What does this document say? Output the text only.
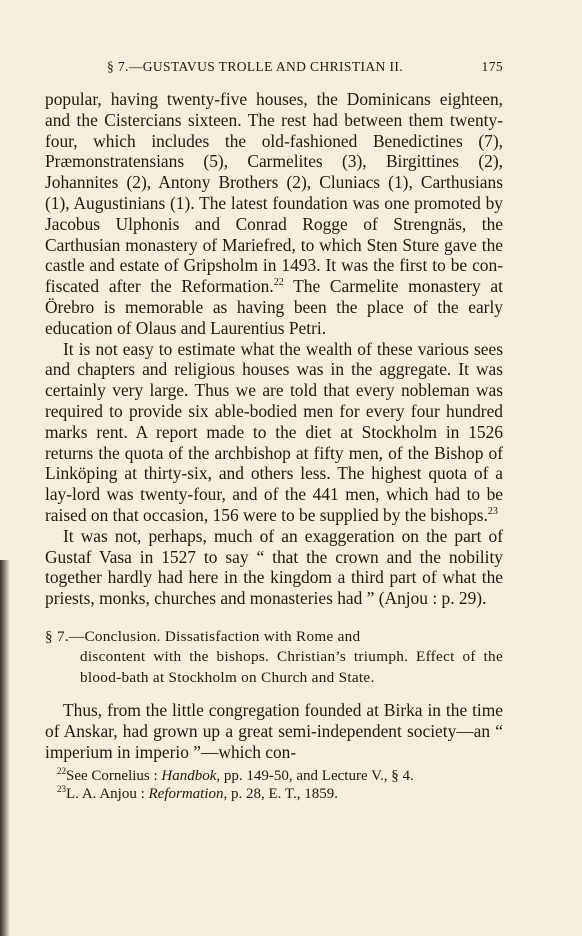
§ 7.—GUSTAVUS TROLLE AND CHRISTIAN II.	175

popular, having twenty-five houses, the Dominicans eighteen, and the Cistercians sixteen. The rest had between them twenty-four, which includes the old-fashioned Benedictines (7), Præmonstratensians (5), Carmelites (3), Birgittines (2), Johannites (2), Antony Brothers (2), Cluniacs (1), Carthusians (1), Augustinians (1). The latest foundation was one promoted by Jacobus Ulphonis and Conrad Rogge of Strengnäs, the Carthusian monastery of Mariefred, to which Sten Sture gave the castle and estate of Gripsholm in 1493. It was the first to be confiscated after the Reformation.$^{22}$ The Carmelite monastery at Örebro is memorable as having been the place of the early education of Olaus and Laurentius Petri.

It is not easy to estimate what the wealth of these various sees and chapters and religious houses was in the aggregate. It was certainly very large. Thus we are told that every nobleman was required to provide six able-bodied men for every four hundred marks rent. A report made to the diet at Stockholm in 1526 returns the quota of the archbishop at fifty men, of the Bishop of Linköping at thirty-six, and others less. The highest quota of a lay-lord was twenty-four, and of the 441 men, which had to be raised on that occasion, 156 were to be supplied by the bishops.$^{23}$

It was not, perhaps, much of an exaggeration on the part of Gustaf Vasa in 1527 to say “ that the crown and the nobility together hardly had here in the kingdom a third part of what the priests, monks, churches and monasteries had ” (Anjou : p. 29).

§ 7.—Conclusion. Dissatisfaction with Rome and
discontent with the bishops. Christian’s triumph. Effect of the blood-bath at Stockholm on Church and State.

Thus, from the little congregation founded at Birka in the time of Anskar, had grown up a great semi-independent society—an “ imperium in imperio ”—which con-

$^{22}$See Cornelius : Handbok, pp. 149-50, and Lecture V., § 4.
$^{23}$L. A. Anjou : Reformation, p. 28, E. T., 1859.
